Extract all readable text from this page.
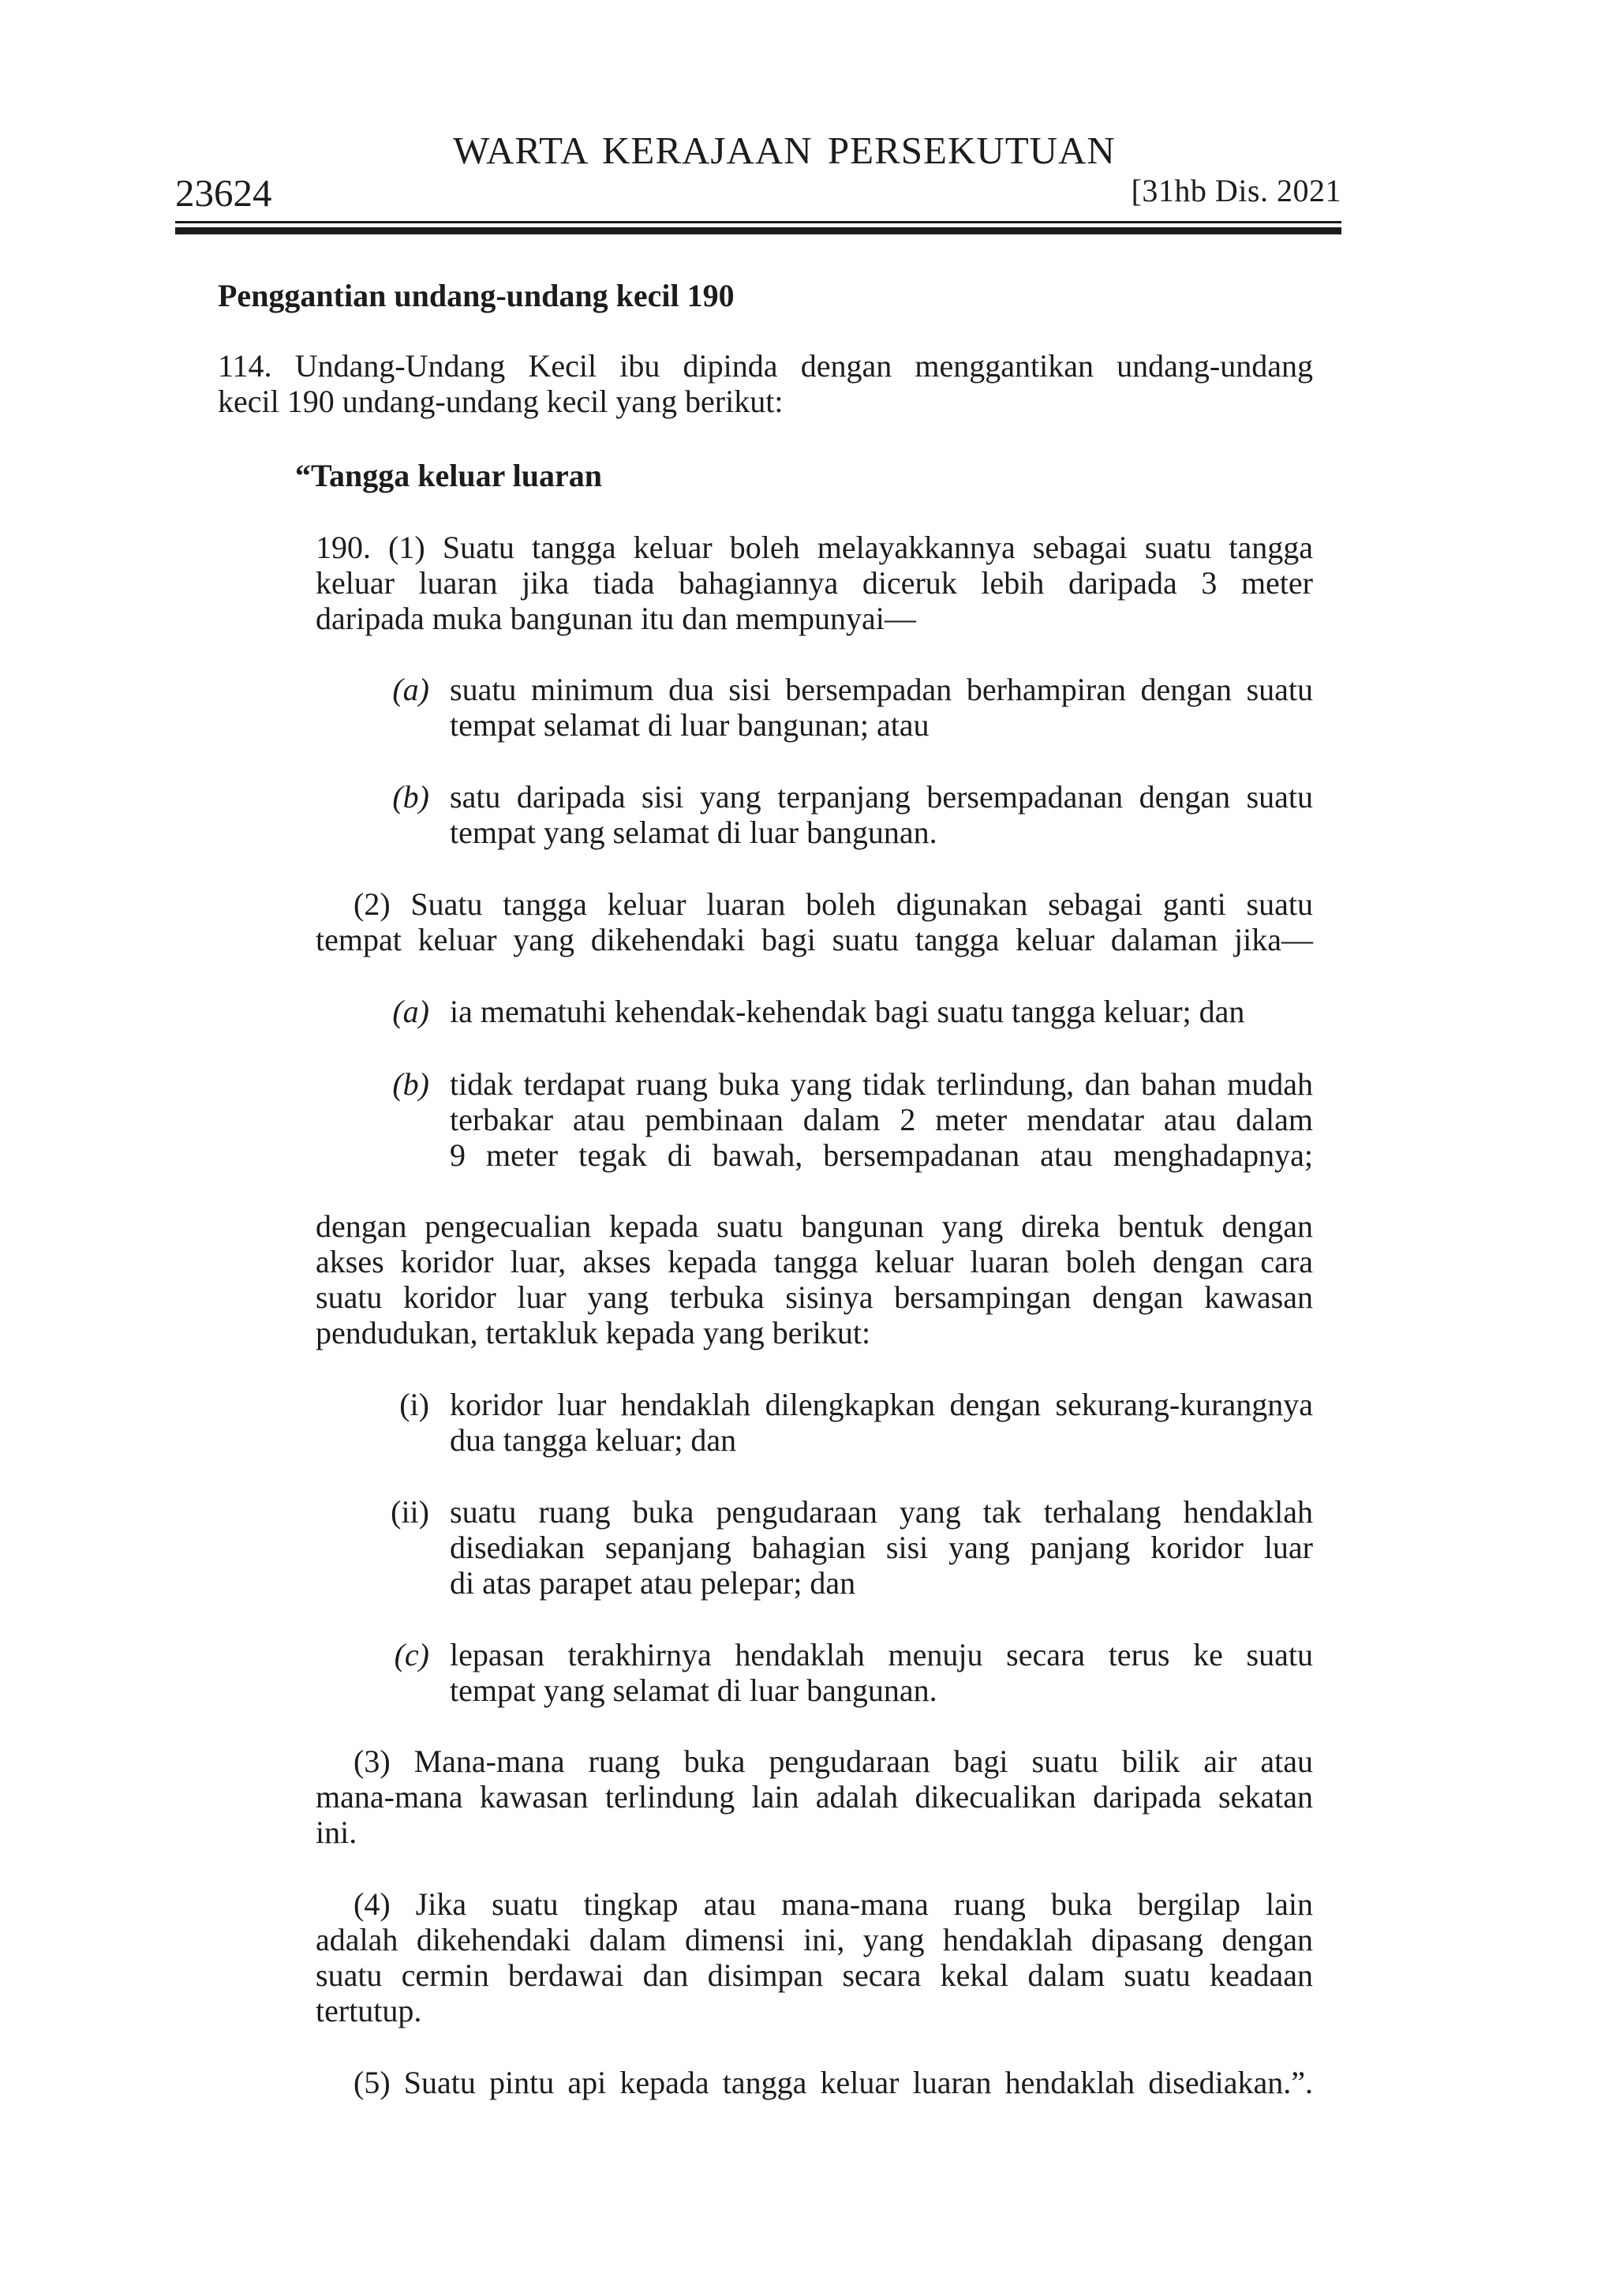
WARTA KERAJAAN PERSEKUTUAN
23624	[31hb Dis. 2021
Penggantian undang-undang kecil 190
114. Undang-Undang Kecil ibu dipinda dengan menggantikan undang-undang
kecil 190 undang-undang kecil yang berikut:
“Tangga keluar luaran
190. (1) Suatu tangga keluar boleh melayakkannya sebagai suatu tangga
keluar luaran jika tiada bahagiannya diceruk lebih daripada 3 meter
daripada muka bangunan itu dan mempunyai—
(a) suatu minimum dua sisi bersempadan berhampiran dengan suatu
tempat selamat di luar bangunan; atau
(b) satu daripada sisi yang terpanjang bersempadanan dengan suatu
tempat yang selamat di luar bangunan.
(2) Suatu tangga keluar luaran boleh digunakan sebagai ganti suatu
tempat keluar yang dikehendaki bagi suatu tangga keluar dalaman jika—
(a) ia mematuhi kehendak-kehendak bagi suatu tangga keluar; dan
(b) tidak terdapat ruang buka yang tidak terlindung, dan bahan mudah
terbakar atau pembinaan dalam 2 meter mendatar atau dalam
9 meter tegak di bawah, bersempadanan atau menghadapnya;
dengan pengecualian kepada suatu bangunan yang direka bentuk dengan
akses koridor luar, akses kepada tangga keluar luaran boleh dengan cara
suatu koridor luar yang terbuka sisinya bersampingan dengan kawasan
pendudukan, tertakluk kepada yang berikut:
(i) koridor luar hendaklah dilengkapkan dengan sekurang-kurangnya
dua tangga keluar; dan
(ii) suatu ruang buka pengudaraan yang tak terhalang hendaklah
disediakan sepanjang bahagian sisi yang panjang koridor luar
di atas parapet atau pelepar; dan
(c) lepasan terakhirnya hendaklah menuju secara terus ke suatu
tempat yang selamat di luar bangunan.
(3) Mana-mana ruang buka pengudaraan bagi suatu bilik air atau
mana-mana kawasan terlindung lain adalah dikecualikan daripada sekatan
ini.
(4) Jika suatu tingkap atau mana-mana ruang buka bergilap lain
adalah dikehendaki dalam dimensi ini, yang hendaklah dipasang dengan
suatu cermin berdawai dan disimpan secara kekal dalam suatu keadaan
tertutup.
(5) Suatu pintu api kepada tangga keluar luaran hendaklah disediakan.”.
